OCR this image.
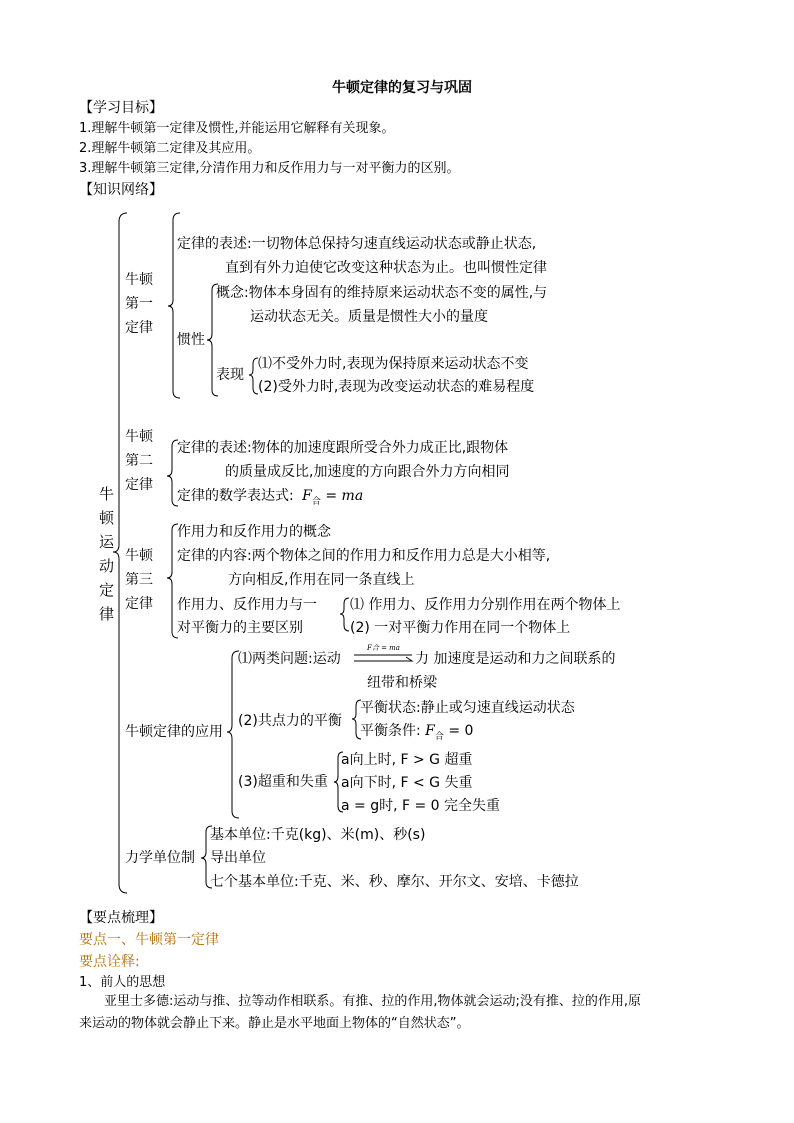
牛顿定律的复习与巩固
【学习目标】
1.理解牛顿第一定律及惯性,并能运用它解释有关现象。
2.理解牛顿第二定律及其应用。
3.理解牛顿第三定律,分清作用力和反作用力与一对平衡力的区别。
【知识网络】
牛
顿
运
动
定
律
牛顿
第一
定律
定律的表述:一切物体总保持匀速直线运动状态或静止状态,
直到有外力迫使它改变这种状态为止。也叫惯性定律
惯性
概念:物体本身固有的维持原来运动状态不变的属性,与
运动状态无关。质量是惯性大小的量度
表现
⑴不受外力时,表现为保持原来运动状态不变
(2)受外力时,表现为改变运动状态的难易程度
牛顿
第二
定律
定律的表述:物体的加速度跟所受合外力成正比,跟物体
的质量成反比,加速度的方向跟合外力方向相同
定律的数学表达式: $F_合$ = ma
牛顿
第三
定律
作用力和反作用力的概念
定律的内容:两个物体之间的作用力和反作用力总是大小相等,
方向相反,作用在同一条直线上
作用力、反作用力与一
对平衡力的主要区别
⑴ 作用力、反作用力分别作用在两个物体上
(2) 一对平衡力作用在同一个物体上
牛顿定律的应用
⑴两类问题:运动
F合 = ma
力 加速度是运动和力之间联系的
纽带和桥梁
(2)共点力的平衡
平衡状态:静止或匀速直线运动状态
平衡条件: $F_合 = 0$
(3)超重和失重
a向上时, F > G 超重
a向下时, F < G 失重
a = g时, F = 0 完全失重
力学单位制
基本单位:千克(kg)、米(m)、秒(s)
导出单位
七个基本单位:千克、米、秒、摩尔、开尔文、安培、卡德拉
【要点梳理】
要点一、牛顿第一定律
要点诠释:
1、前人的思想
亚里士多德:运动与推、拉等动作相联系。有推、拉的作用,物体就会运动;没有推、拉的作用,原
来运动的物体就会静止下来。静止是水平地面上物体的“自然状态”。
